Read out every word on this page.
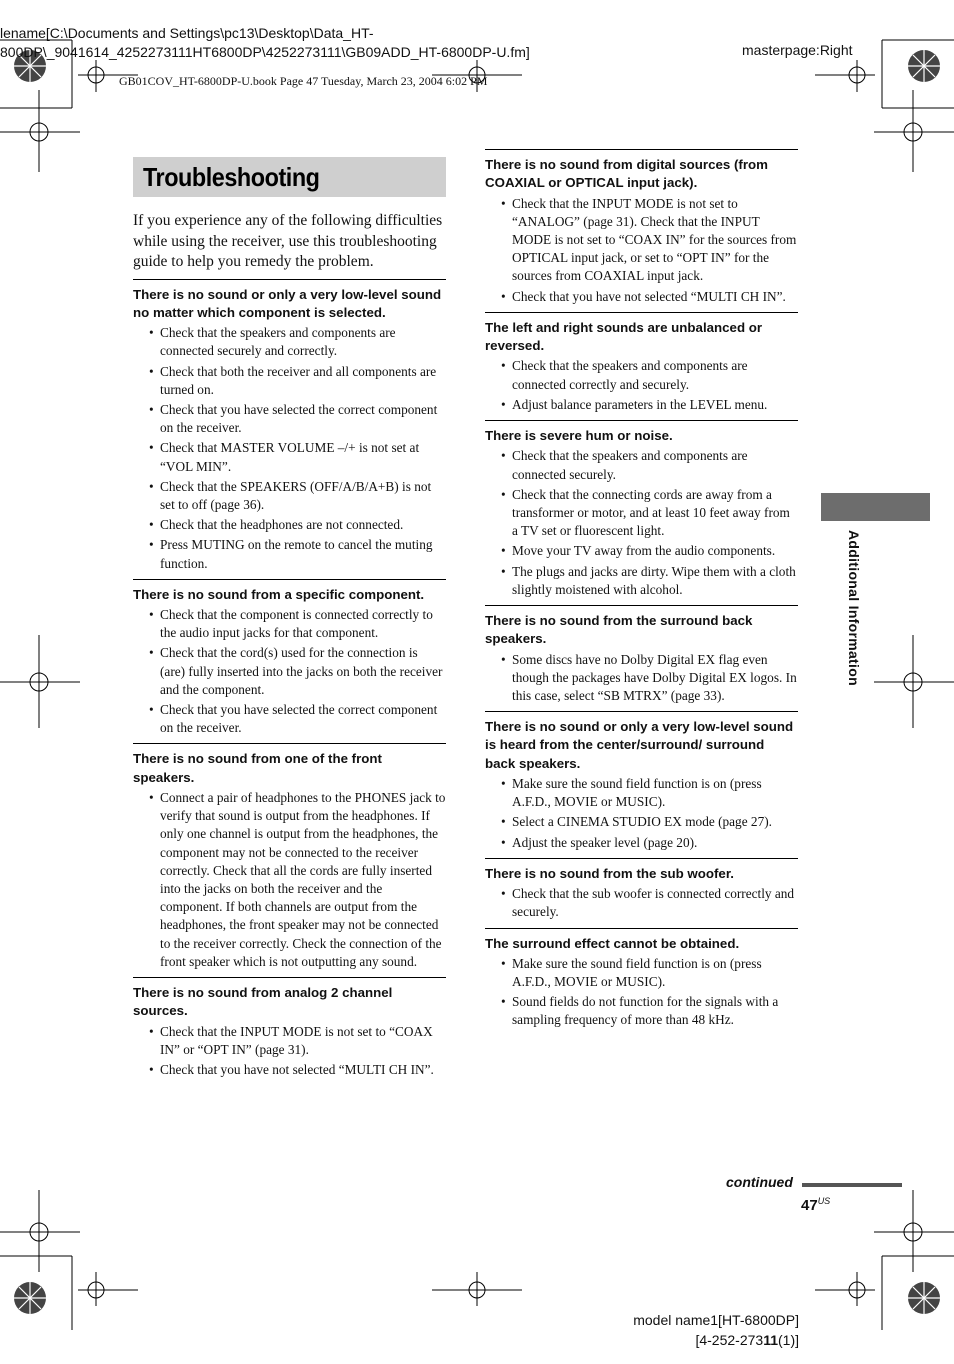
lename[C:\Documents and Settings\pc13\Desktop\Data_HT-
800DP\_9041614_4252273111HT6800DP\4252273111\GB09ADD_HT-6800DP-U.fm]	masterpage:Right
GB01COV_HT-6800DP-U.book Page 47 Tuesday, March 23, 2004 6:02 PM
Troubleshooting

If you experience any of the following difficulties while using the receiver, use this troubleshooting guide to help you remedy the problem.

There is no sound or only a very low-level sound no matter which component is selected.
• Check that the speakers and components are connected securely and correctly.
• Check that both the receiver and all components are turned on.
• Check that you have selected the correct component on the receiver.
• Check that MASTER VOLUME –/+ is not set at “VOL MIN”.
• Check that the SPEAKERS (OFF/A/B/A+B) is not set to off (page 36).
• Check that the headphones are not connected.
• Press MUTING on the remote to cancel the muting function.
There is no sound from a specific component.
• Check that the component is connected correctly to the audio input jacks for that component.
• Check that the cord(s) used for the connection is (are) fully inserted into the jacks on both the receiver and the component.
• Check that you have selected the correct component on the receiver.
There is no sound from one of the front speakers.
• Connect a pair of headphones to the PHONES jack to verify that sound is output from the headphones. If only one channel is output from the headphones, the component may not be connected to the receiver correctly. Check that all the cords are fully inserted into the jacks on both the receiver and the component. If both channels are output from the headphones, the front speaker may not be connected to the receiver correctly. Check the connection of the front speaker which is not outputting any sound.
There is no sound from analog 2 channel sources.
• Check that the INPUT MODE is not set to “COAX IN” or “OPT IN” (page 31).
• Check that you have not selected “MULTI CH IN”.
There is no sound from digital sources (from COAXIAL or OPTICAL input jack).
• Check that the INPUT MODE is not set to “ANALOG” (page 31). Check that the INPUT MODE is not set to “COAX IN” for the sources from OPTICAL input jack, or set to “OPT IN” for the sources from COAXIAL input jack.
• Check that you have not selected “MULTI CH IN”.
The left and right sounds are unbalanced or reversed.
• Check that the speakers and components are connected correctly and securely.
• Adjust balance parameters in the LEVEL menu.
There is severe hum or noise.
• Check that the speakers and components are connected securely.
• Check that the connecting cords are away from a transformer or motor, and at least 10 feet away from a TV set or fluorescent light.
• Move your TV away from the audio components.
• The plugs and jacks are dirty. Wipe them with a cloth slightly moistened with alcohol.
There is no sound from the surround back speakers.
• Some discs have no Dolby Digital EX flag even though the packages have Dolby Digital EX logos. In this case, select “SB MTRX” (page 33).
There is no sound or only a very low-level sound is heard from the center/surround/ surround back speakers.
• Make sure the sound field function is on (press A.F.D., MOVIE or MUSIC).
• Select a CINEMA STUDIO EX mode (page 27).
• Adjust the speaker level (page 20).
There is no sound from the sub woofer.
• Check that the sub woofer is connected correctly and securely.
The surround effect cannot be obtained.
• Make sure the sound field function is on (press A.F.D., MOVIE or MUSIC).
• Sound fields do not function for the signals with a sampling frequency of more than 48 kHz.
Additional Information
continued
$47^{US}$
model name1[HT-6800DP]
[4-252-27311(1)]
